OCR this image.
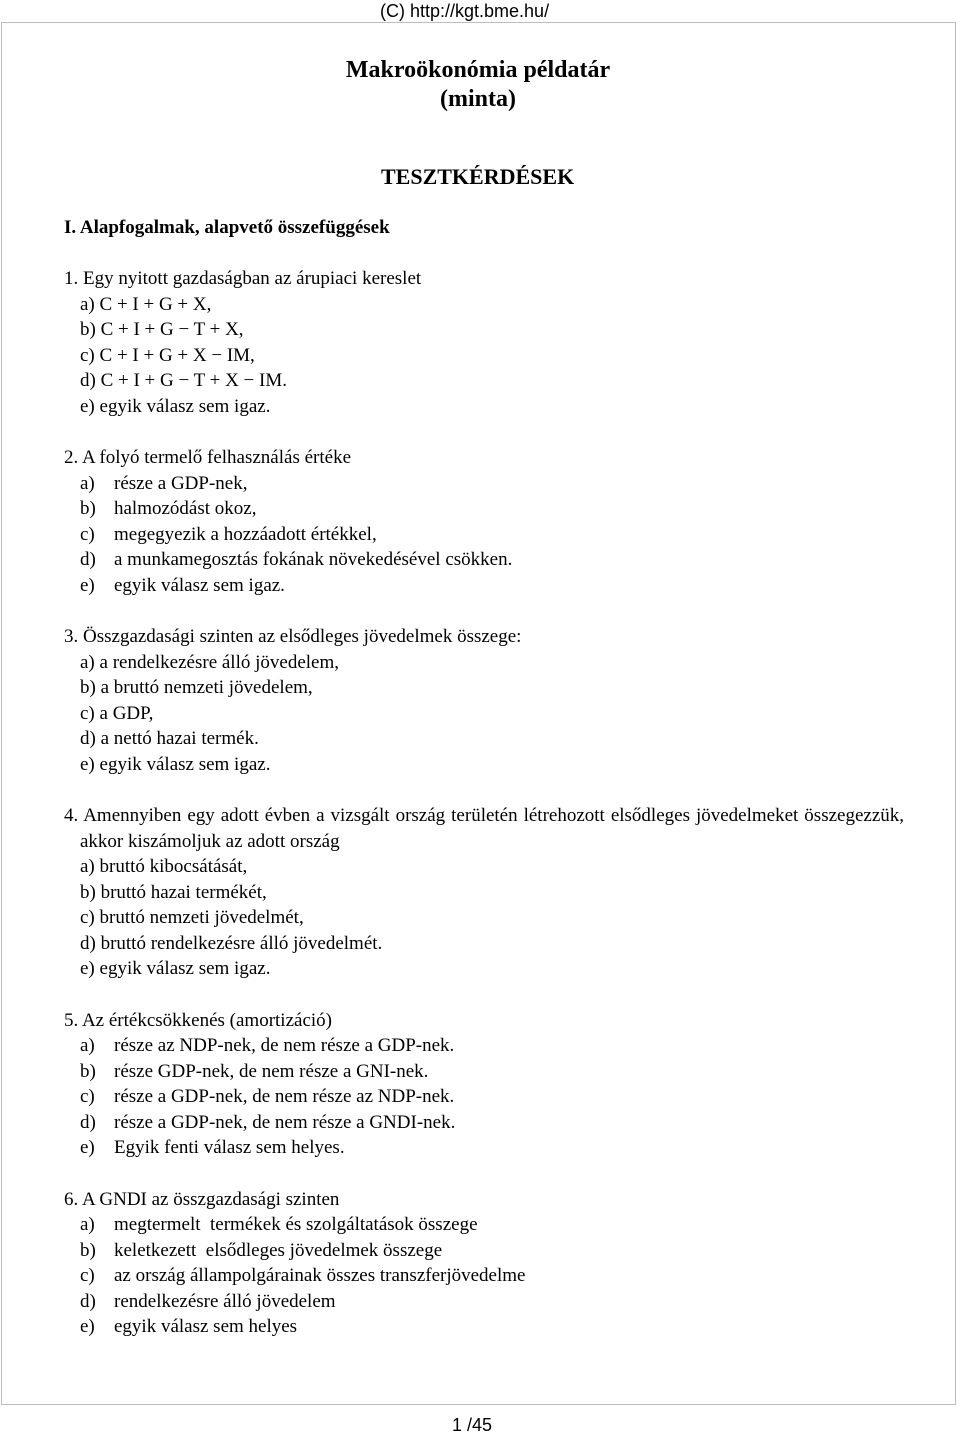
(C) http://kgt.bme.hu/
Makroökonómia példatár
(minta)
TESZTKÉRDÉSEK
I. Alapfogalmak, alapvető összefüggések
1. Egy nyitott gazdaságban az árupiaci kereslet
a) C + I + G + X,
b) C + I + G − T + X,
c) C + I + G + X − IM,
d) C + I + G − T + X − IM.
e) egyik válasz sem igaz.
2. A folyó termelő felhasználás értéke
a) része a GDP-nek,
b) halmozódást okoz,
c) megegyezik a hozzáadott értékkel,
d) a munkamegosztás fokának növekedésével csökken.
e) egyik válasz sem igaz.
3. Összgazdasági szinten az elsődleges jövedelmek összege:
a) a rendelkezésre álló jövedelem,
b) a bruttó nemzeti jövedelem,
c) a GDP,
d) a nettó hazai termék.
e) egyik válasz sem igaz.
4. Amennyiben egy adott évben a vizsgált ország területén létrehozott elsődleges jövedelmeket összegezzük, akkor kiszámoljuk az adott ország
a) bruttó kibocsátását,
b) bruttó hazai termékét,
c) bruttó nemzeti jövedelmét,
d) bruttó rendelkezésre álló jövedelmét.
e) egyik válasz sem igaz.
5. Az értékcsökkenés (amortizáció)
a) része az NDP-nek, de nem része a GDP-nek.
b) része GDP-nek, de nem része a GNI-nek.
c) része a GDP-nek, de nem része az NDP-nek.
d) része a GDP-nek, de nem része a GNDI-nek.
e) Egyik fenti válasz sem helyes.
6. A GNDI az összgazdasági szinten
a) megtermelt  termékek és szolgáltatások összege
b) keletkezett  elsődleges jövedelmek összege
c) az ország állampolgárainak összes transzferjövedelme
d) rendelkezésre álló jövedelem
e) egyik válasz sem helyes
1 /45
